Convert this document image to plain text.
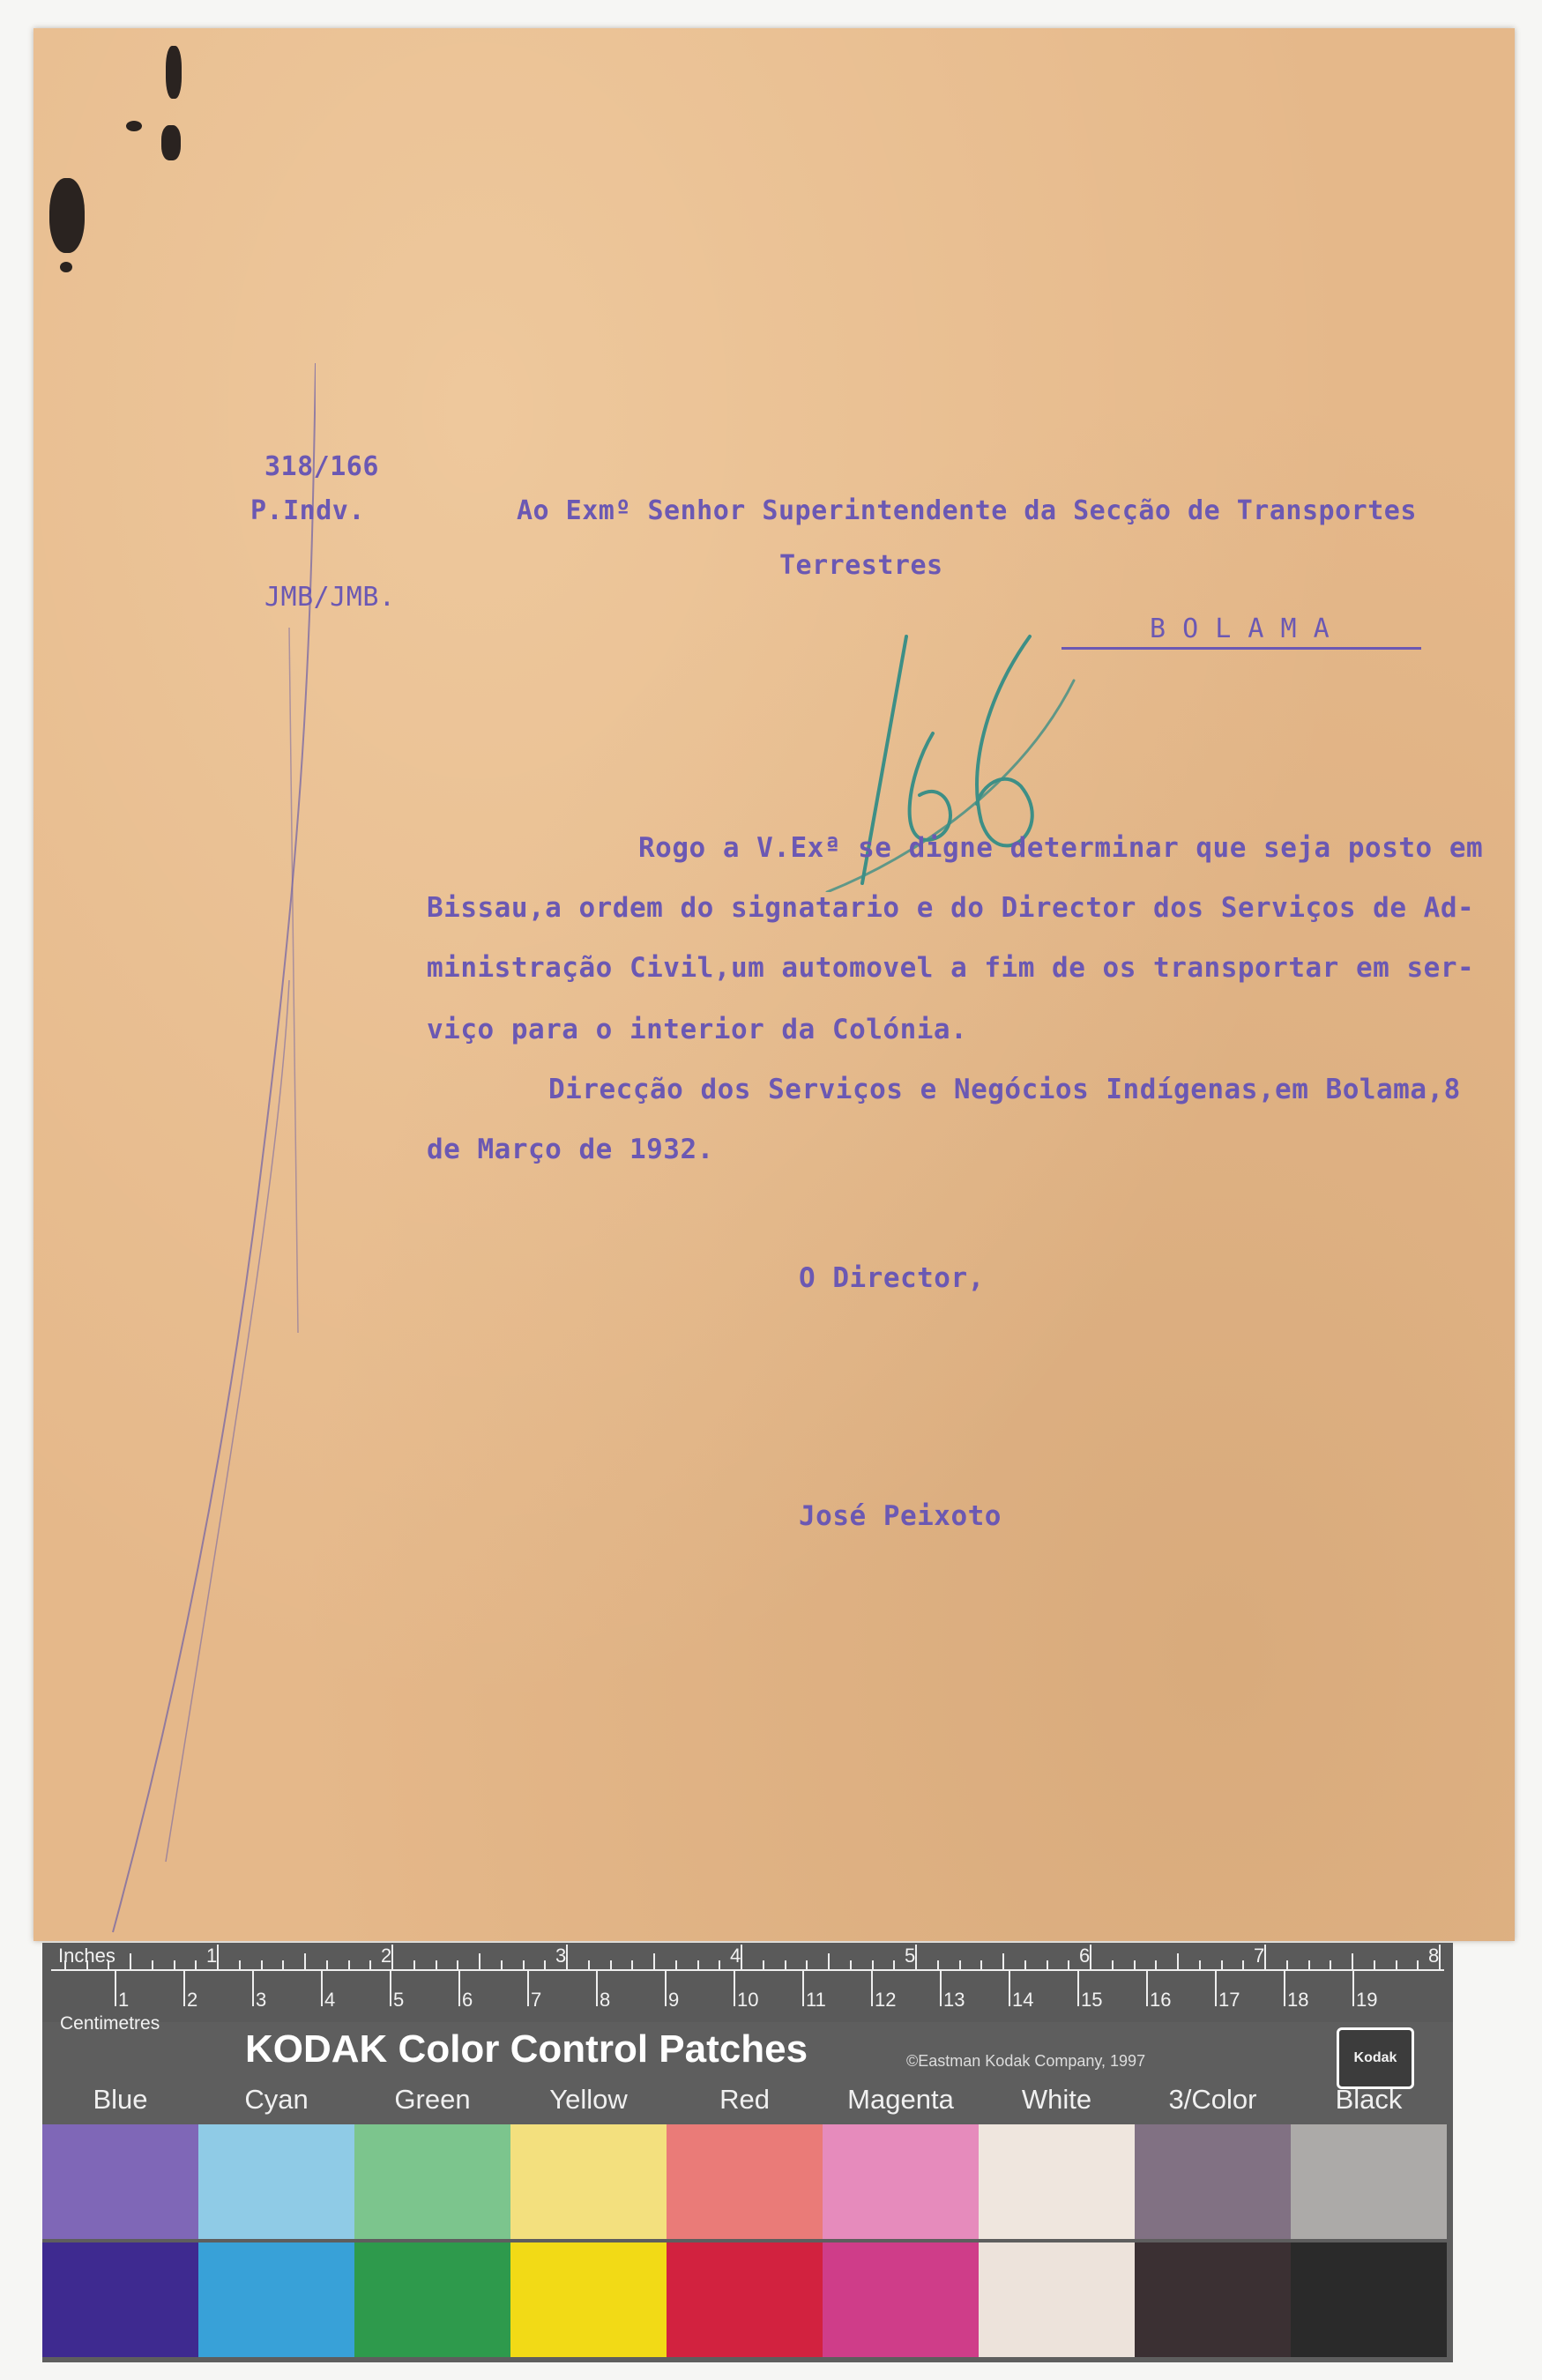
318/166
P.Indv.
JMB/JMB.
Ao Exmº Senhor Superintendente da Secção de Transportes
Terrestres
B O L A M A
Rogo a V.Exª se digne determinar que seja posto em
Bissau,a ordem do signatario e do Director dos Serviços de Ad-
ministração Civil,um automovel a fim de os transportar em ser-
viço para o interior da Colónia.
Direcção dos Serviços e Negócios Indígenas,em Bolama,8
de Março de 1932.
O Director,
José Peixoto
Inches	1	2	3	4	5	6	7	8
1	2	3	4	5	6	7	8	9	10 11	12 13 14 15 16 17 18 19
Centimetres
KODAK Color Control Patches	©Eastman Kodak Company, 1997	Kodak
Blue	Cyan	Green	Yellow	Red	Magenta	White	3/Color	Black
